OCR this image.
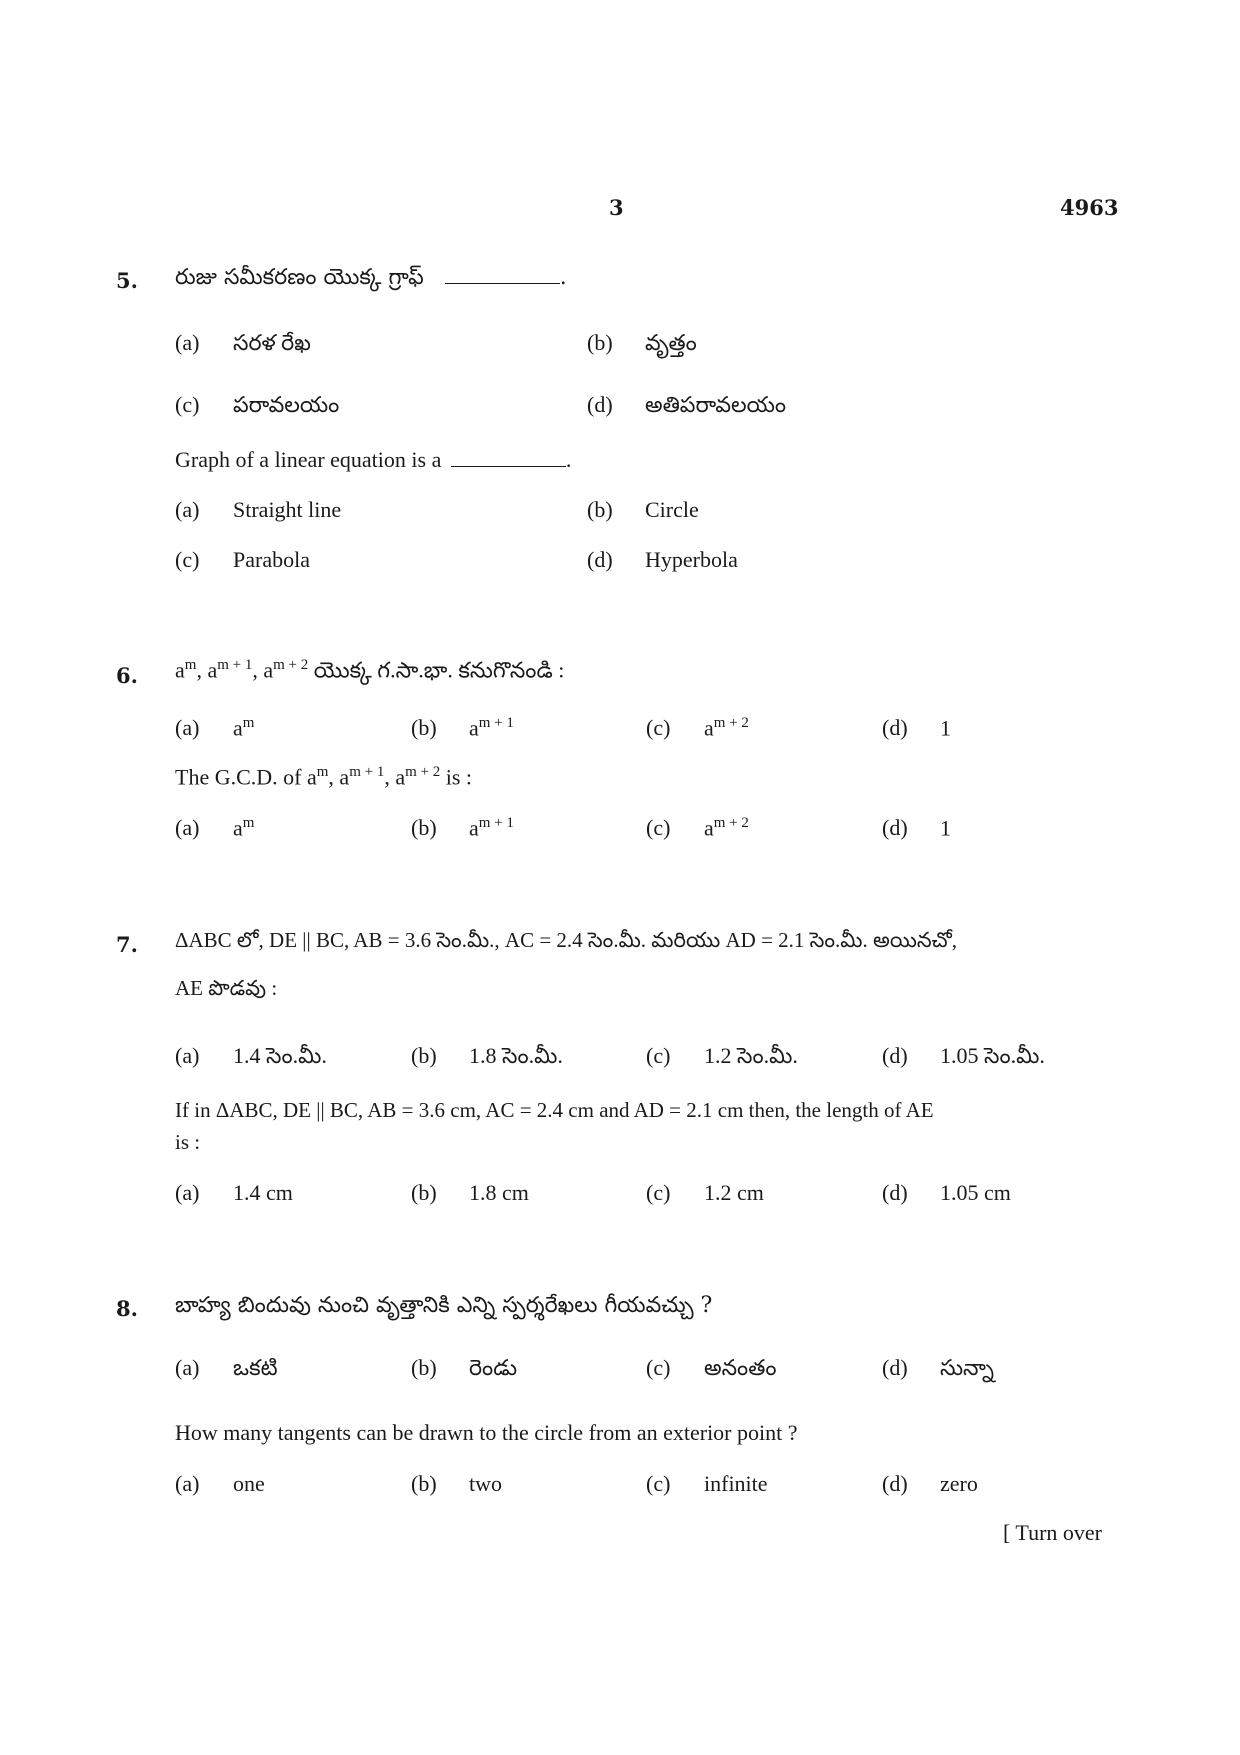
3	4963
5. రుజు సమీకరణం యొక్క గ్రాఫ్	.
(a) సరళ రేఖ	(b) వృత్తం
(c) పరావలయం	(d) అతిపరావలయం
Graph of a linear equation is a	.
(a) Straight line	(b) Circle
(c) Parabola	(d) Hyperbola
6. $a^m$, $a^{m + 1}$, $a^{m + 2}$ యొక్క గ.సా.భా. కనుగొనండి :
(a) $a^m$	(b) $a^{m + 1}$	(c) $a^{m + 2}$	(d) 1
The G.C.D. of $a^m$, $a^{m + 1}$, $a^{m + 2}$ is :
(a) $a^m$	(b) $a^{m + 1}$	(c) $a^{m + 2}$	(d) 1
7. ΔABC లో, DE || BC, AB = 3.6 సెం.మీ., AC = 2.4 సెం.మీ. మరియు AD = 2.1 సెం.మీ. అయినచో,
AE పొడవు :
(a) 1.4 సెం.మీ.	(b) 1.8 సెం.మీ.	(c) 1.2 సెం.మీ.	(d) 1.05 సెం.మీ.
If in ΔABC, DE || BC, AB = 3.6 cm, AC = 2.4 cm and AD = 2.1 cm then, the length of AE
is :
(a) 1.4 cm	(b) 1.8 cm	(c) 1.2 cm	(d) 1.05 cm
8. బాహ్య బిందువు నుంచి వృత్తానికి ఎన్ని స్పర్శరేఖలు గీయవచ్చు ?
(a) ఒకటి	(b) రెండు	(c) అనంతం	(d) సున్నా
How many tangents can be drawn to the circle from an exterior point ?
(a) one	(b) two	(c) infinite	(d) zero
[ Turn over
